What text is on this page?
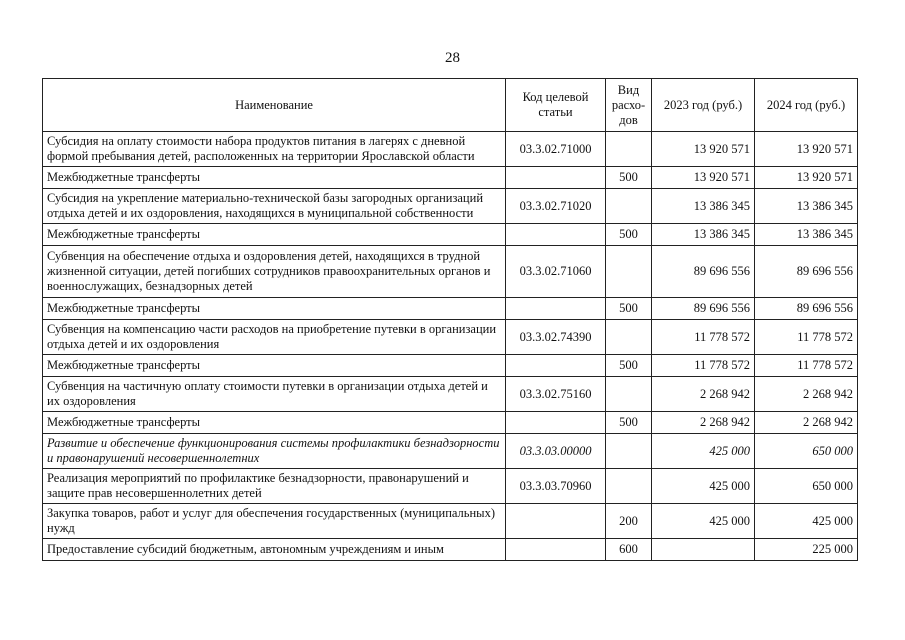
28
Наименование	Код целевой статьи	Вид расхо-дов	2023 год (руб.)	2024 год (руб.)
Субсидия на оплату стоимости набора продуктов питания в лагерях с дневной формой пребывания детей, расположенных на территории Ярославской области	03.3.02.71000		13 920 571	13 920 571
Межбюджетные трансферты		500	13 920 571	13 920 571
Субсидия на укрепление материально-технической базы загородных организаций отдыха детей и их оздоровления, находящихся в муниципальной собственности	03.3.02.71020		13 386 345	13 386 345
Межбюджетные трансферты		500	13 386 345	13 386 345
Субвенция на обеспечение отдыха и оздоровления детей, находящихся в трудной жизненной ситуации, детей погибших сотрудников правоохранительных органов и военнослужащих, безнадзорных детей	03.3.02.71060		89 696 556	89 696 556
Межбюджетные трансферты		500	89 696 556	89 696 556
Субвенция на компенсацию части расходов на приобретение путевки в организации отдыха детей и их оздоровления	03.3.02.74390		11 778 572	11 778 572
Межбюджетные трансферты		500	11 778 572	11 778 572
Субвенция на частичную оплату стоимости путевки в организации отдыха детей и их оздоровления	03.3.02.75160		2 268 942	2 268 942
Межбюджетные трансферты		500	2 268 942	2 268 942
Развитие и обеспечение функционирования системы профилактики безнадзорности и правонарушений несовершеннолетних	03.3.03.00000		425 000	650 000
Реализация мероприятий по профилактике безнадзорности, правонарушений и защите прав несовершеннолетних детей	03.3.03.70960		425 000	650 000
Закупка товаров, работ и услуг для обеспечения государственных (муниципальных) нужд		200	425 000	425 000
Предоставление субсидий бюджетным, автономным учреждениям и иным		600		225 000
